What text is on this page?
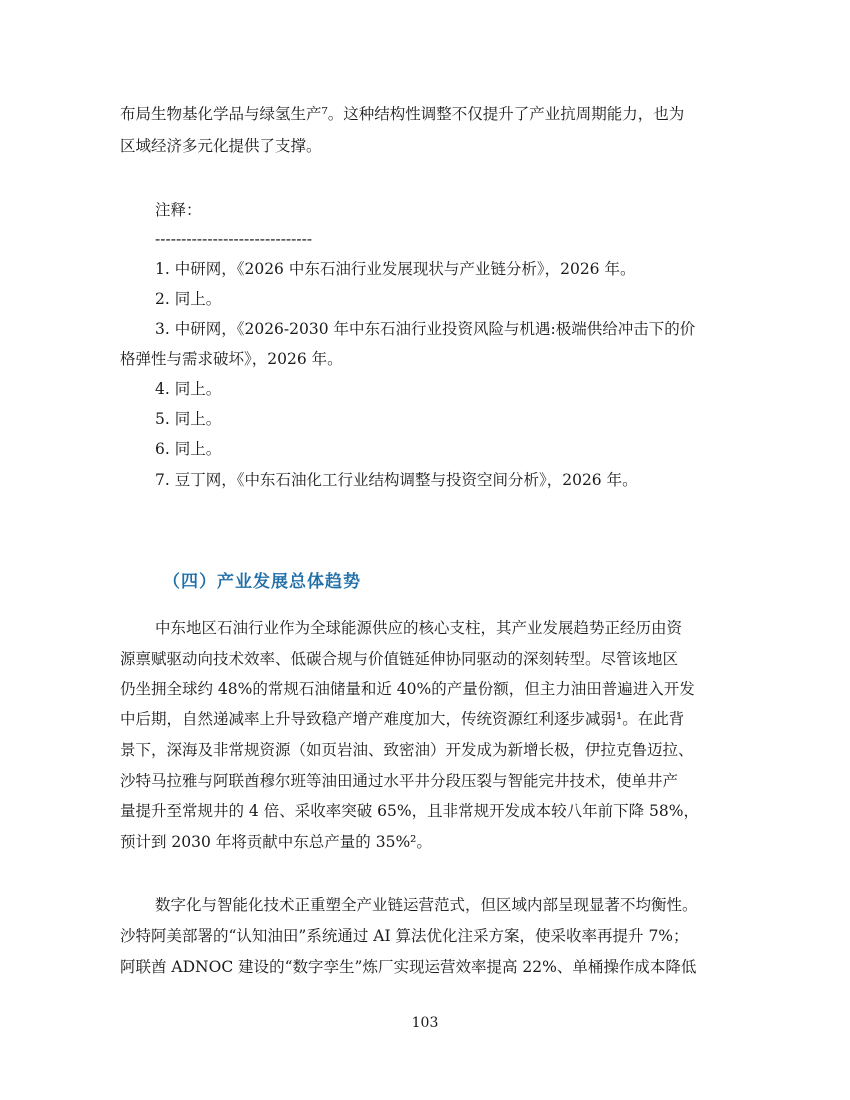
布局生物基化学品与绿氢生产⁷。这种结构性调整不仅提升了产业抗周期能力，也为
区域经济多元化提供了支撑。
注释：
------------------------------
1. 中研网，《2026 中东石油行业发展现状与产业链分析》，2026 年。
2. 同上。
3. 中研网，《2026-2030 年中东石油行业投资风险与机遇:极端供给冲击下的价
格弹性与需求破坏》，2026 年。
4. 同上。
5. 同上。
6. 同上。
7. 豆丁网，《中东石油化工行业结构调整与投资空间分析》，2026 年。
（四）产业发展总体趋势
中东地区石油行业作为全球能源供应的核心支柱，其产业发展趋势正经历由资
源禀赋驱动向技术效率、低碳合规与价值链延伸协同驱动的深刻转型。尽管该地区
仍坐拥全球约 48%的常规石油储量和近 40%的产量份额，但主力油田普遍进入开发
中后期，自然递减率上升导致稳产增产难度加大，传统资源红利逐步减弱¹。在此背
景下，深海及非常规资源（如页岩油、致密油）开发成为新增长极，伊拉克鲁迈拉、
沙特马拉雅与阿联酋穆尔班等油田通过水平井分段压裂与智能完井技术，使单井产
量提升至常规井的 4 倍、采收率突破 65%，且非常规开发成本较八年前下降 58%，
预计到 2030 年将贡献中东总产量的 35%²。
数字化与智能化技术正重塑全产业链运营范式，但区域内部呈现显著不均衡性。
沙特阿美部署的“认知油田”系统通过 AI 算法优化注采方案，使采收率再提升 7%；
阿联酋 ADNOC 建设的“数字孪生”炼厂实现运营效率提高 22%、单桶操作成本降低
103
